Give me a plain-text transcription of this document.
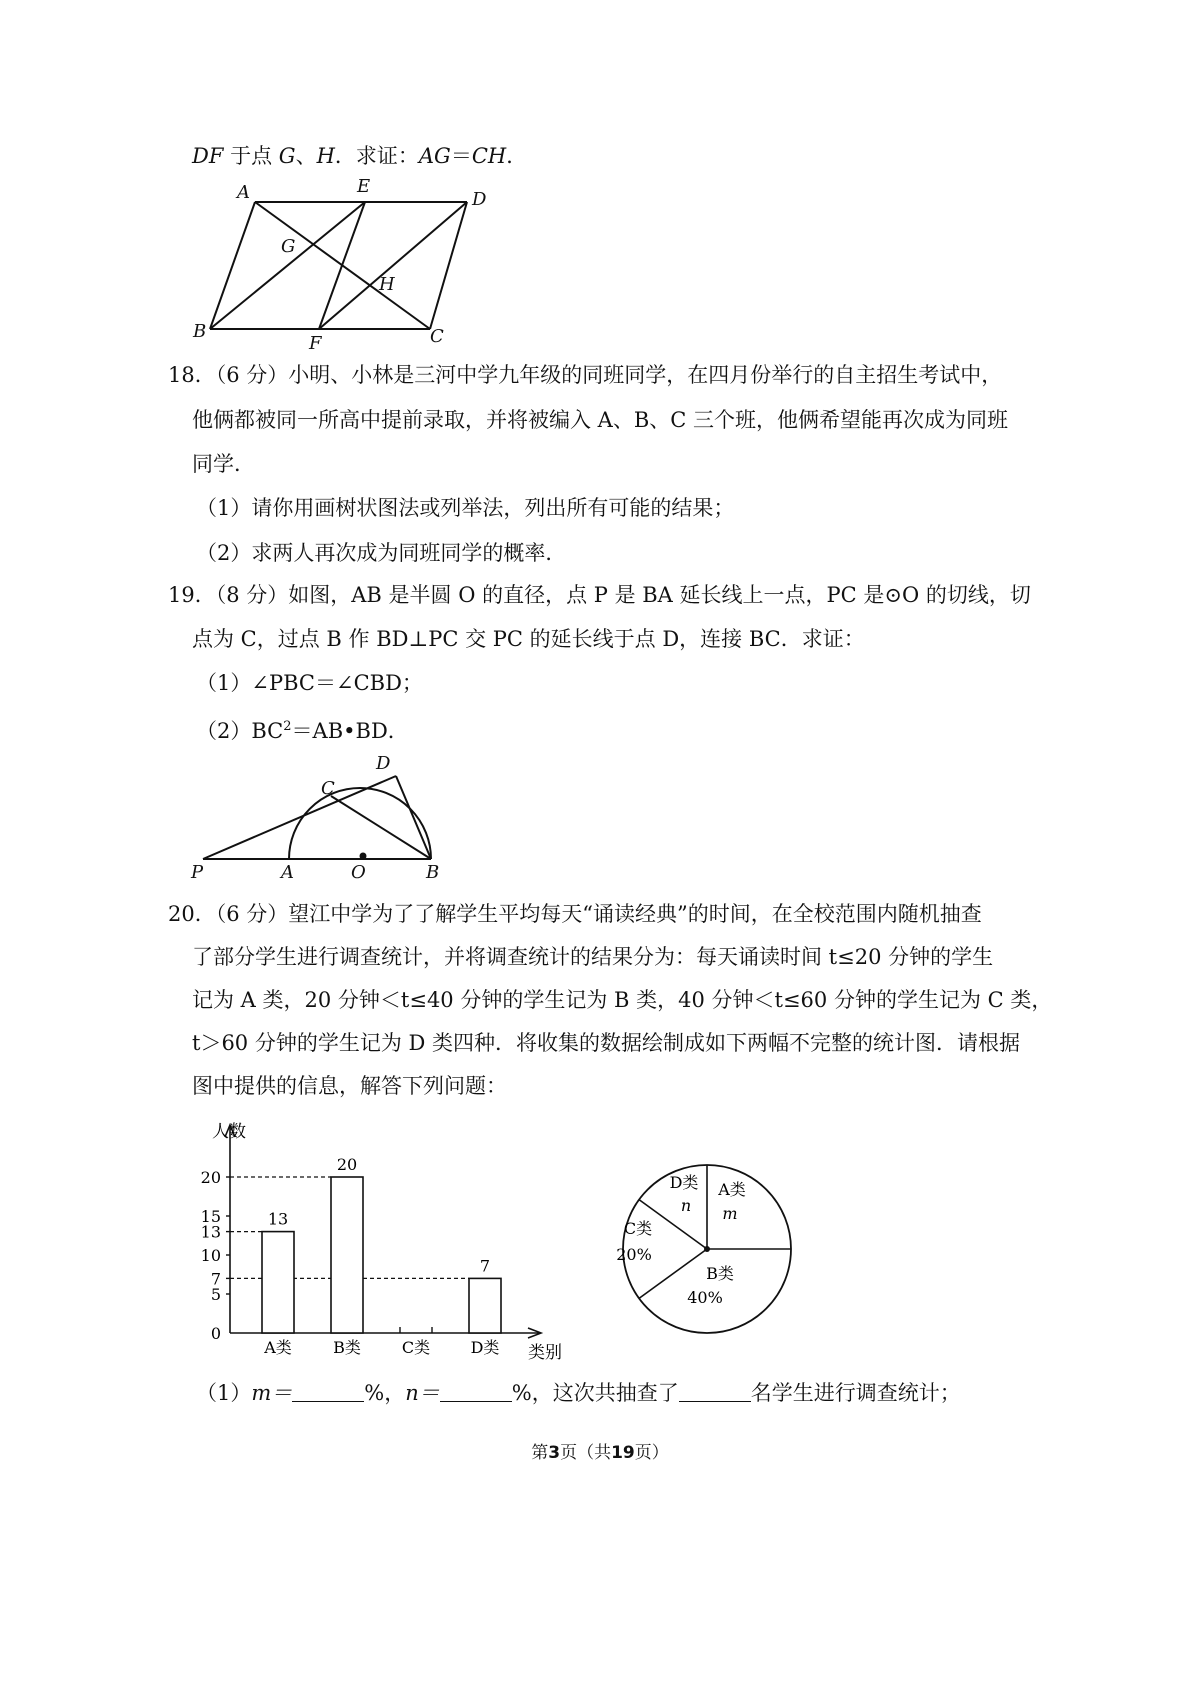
DF 于点 G、H．求证：AG＝CH．
A	E
D
G
H
B
F	C
18．（6 分）小明、小林是三河中学九年级的同班同学，在四月份举行的自主招生考试中，
他俩都被同一所高中提前录取，并将被编入 A、B、C 三个班，他俩希望能再次成为同班
同学．
（1）请你用画树状图法或列举法，列出所有可能的结果；
（2）求两人再次成为同班同学的概率．
19．（8 分）如图，AB 是半圆 O 的直径，点 P 是 BA 延长线上一点，PC 是⊙O 的切线，切
点为 C，过点 B 作 BD⊥PC 交 PC 的延长线于点 D，连接 BC．求证：
（1）∠PBC＝∠CBD；
$(2)BC^2=AB•BD$．
D
C
P	A	O	B
20．（6 分）望江中学为了了解学生平均每天“诵读经典”的时间，在全校范围内随机抽查
了部分学生进行调查统计，并将调查统计的结果分为：每天诵读时间 t≤20 分钟的学生
记为 A 类，20 分钟＜t≤40 分钟的学生记为 B 类，40 分钟＜t≤60 分钟的学生记为 C 类，
t＞60 分钟的学生记为 D 类四种．将收集的数据绘制成如下两幅不完整的统计图．请根据
图中提供的信息，解答下列问题：
人数
类别
0
5
7
10
13
15
20
13
A类
20
B类	C类
7
D类
A类
m
B类
40%
C类
20%
D类
n
（1）m＝	%，n＝	%，这次共抽查了	名学生进行调查统计；
第3页（共19页）
